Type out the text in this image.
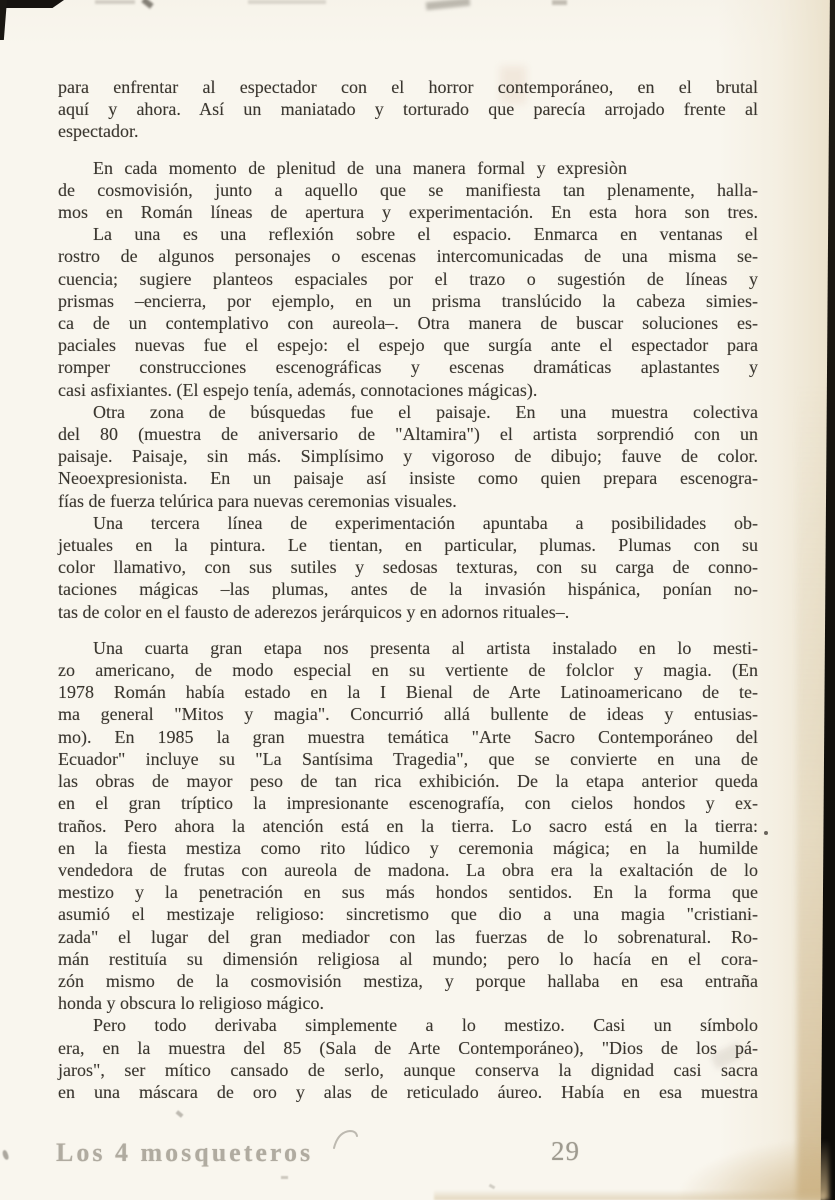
para enfrentar al espectador con el horror contemporáneo, en el brutal
aquí y ahora. Así un maniatado y torturado que parecía arrojado frente al
espectador.
En cada momento de plenitud de una manera formal y expresiòn
de cosmovisión, junto a aquello que se manifiesta tan plenamente, halla-
mos en Román líneas de apertura y experimentación. En esta hora son tres.
La una es una reflexión sobre el espacio. Enmarca en ventanas el
rostro de algunos personajes o escenas intercomunicadas de una misma se-
cuencia; sugiere planteos espaciales por el trazo o sugestión de líneas y
prismas –encierra, por ejemplo, en un prisma translúcido la cabeza simies-
ca de un contemplativo con aureola–. Otra manera de buscar soluciones es-
paciales nuevas fue el espejo: el espejo que surgía ante el espectador para
romper construcciones escenográficas y escenas dramáticas aplastantes y
casi asfixiantes. (El espejo tenía, además, connotaciones mágicas).
Otra zona de búsquedas fue el paisaje. En una muestra colectiva
del 80 (muestra de aniversario de "Altamira") el artista sorprendió con un
paisaje. Paisaje, sin más. Simplísimo y vigoroso de dibujo; fauve de color.
Neoexpresionista. En un paisaje así insiste como quien prepara escenogra-
fías de fuerza telúrica para nuevas ceremonias visuales.
Una tercera línea de experimentación apuntaba a posibilidades ob-
jetuales en la pintura. Le tientan, en particular, plumas. Plumas con su
color llamativo, con sus sutiles y sedosas texturas, con su carga de conno-
taciones mágicas –las plumas, antes de la invasión hispánica, ponían no-
tas de color en el fausto de aderezos jerárquicos y en adornos rituales–.
Una cuarta gran etapa nos presenta al artista instalado en lo mesti-
zo americano, de modo especial en su vertiente de folclor y magia. (En
1978 Román había estado en la I Bienal de Arte Latinoamericano de te-
ma general "Mitos y magia". Concurrió allá bullente de ideas y entusias-
mo). En 1985 la gran muestra temática "Arte Sacro Contemporáneo del
Ecuador" incluye su "La Santísima Tragedia", que se convierte en una de
las obras de mayor peso de tan rica exhibición. De la etapa anterior queda
en el gran tríptico la impresionante escenografía, con cielos hondos y ex-
traños. Pero ahora la atención está en la tierra. Lo sacro está en la tierra:
en la fiesta mestiza como rito lúdico y ceremonia mágica; en la humilde
vendedora de frutas con aureola de madona. La obra era la exaltación de lo
mestizo y la penetración en sus más hondos sentidos. En la forma que
asumió el mestizaje religioso: sincretismo que dio a una magia "cristiani-
zada" el lugar del gran mediador con las fuerzas de lo sobrenatural. Ro-
mán restituía su dimensión religiosa al mundo; pero lo hacía en el cora-
zón mismo de la cosmovisión mestiza, y porque hallaba en esa entraña
honda y obscura lo religioso mágico.
Pero todo derivaba simplemente a lo mestizo. Casi un símbolo
era, en la muestra del 85 (Sala de Arte Contemporáneo), "Dios de los pá-
jaros", ser mítico cansado de serlo, aunque conserva la dignidad casi sacra
en una máscara de oro y alas de reticulado áureo. Había en esa muestra
Los 4 mosqueteros	29
